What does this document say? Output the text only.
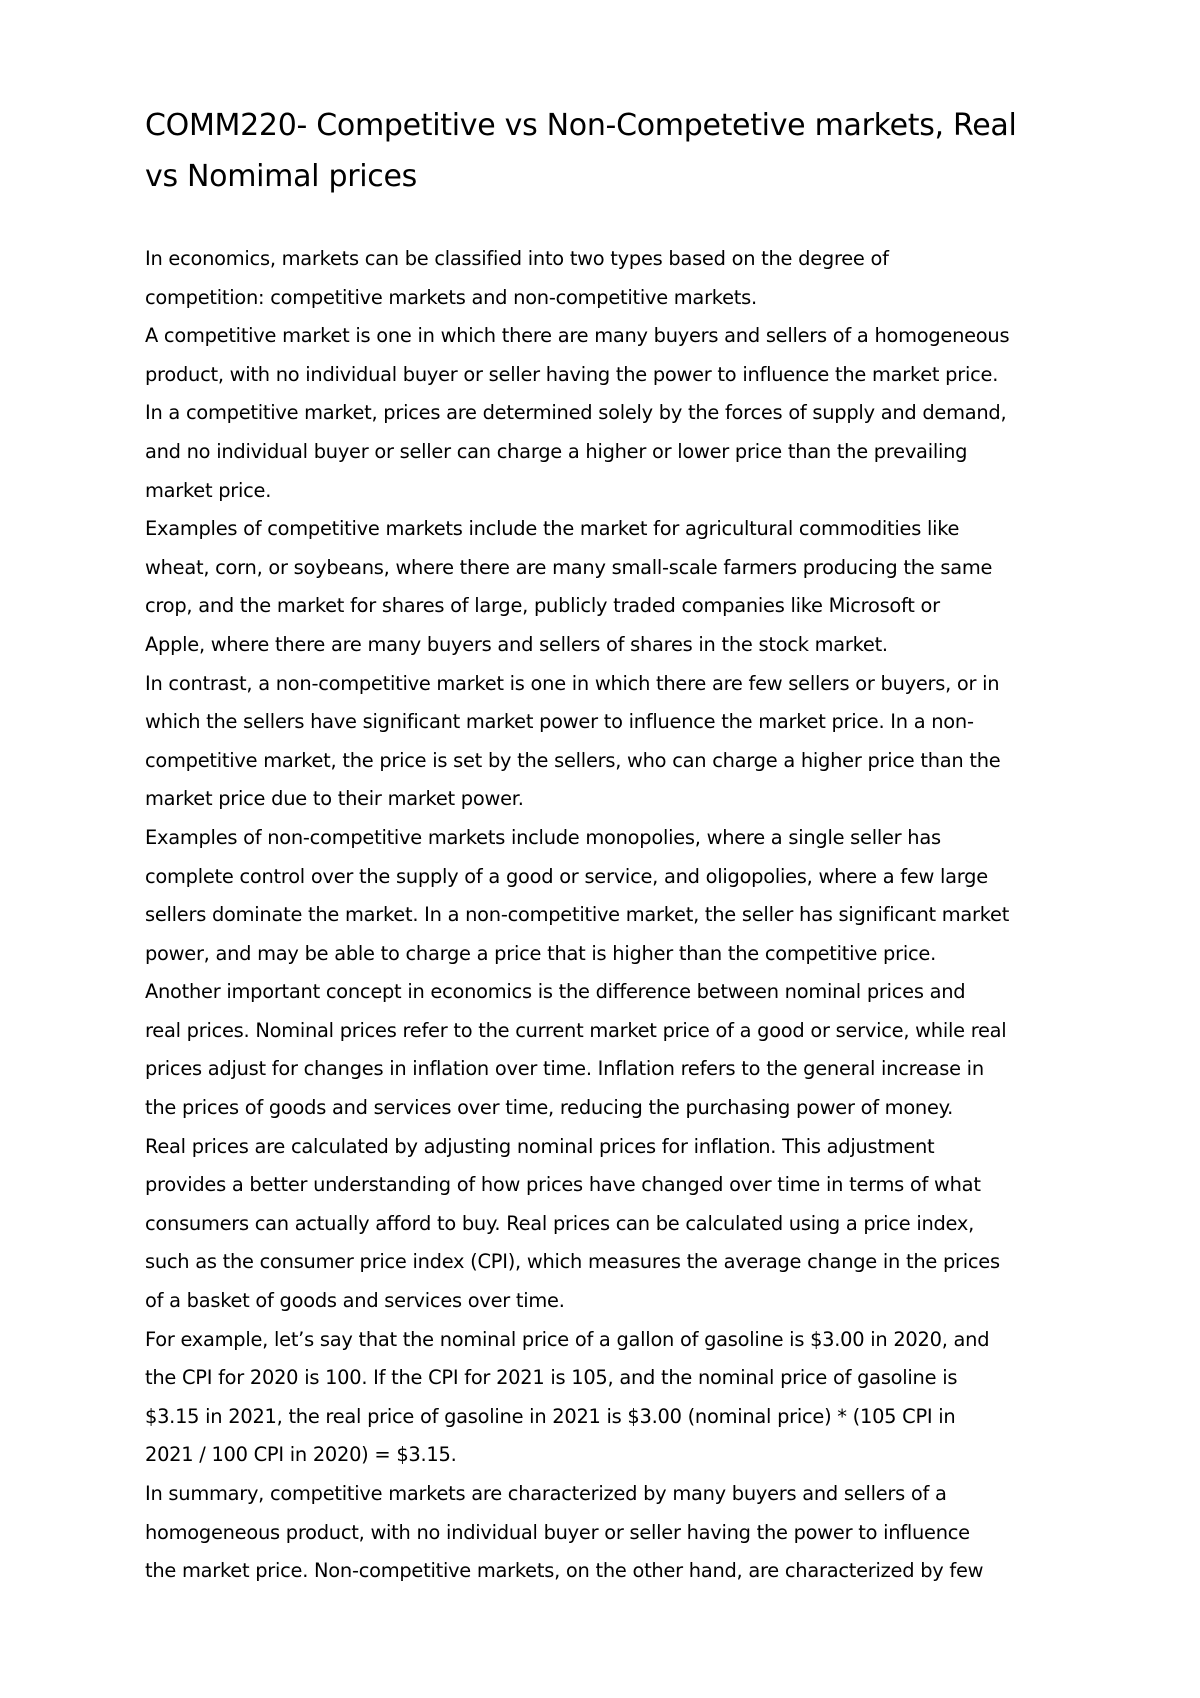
COMM220- Competitive vs Non-Competetive markets, Real
vs Nomimal prices

In economics, markets can be classified into two types based on the degree of
competition: competitive markets and non-competitive markets.

A competitive market is one in which there are many buyers and sellers of a homogeneous
product, with no individual buyer or seller having the power to influence the market price.
In a competitive market, prices are determined solely by the forces of supply and demand,
and no individual buyer or seller can charge a higher or lower price than the prevailing
market price.

Examples of competitive markets include the market for agricultural commodities like
wheat, corn, or soybeans, where there are many small-scale farmers producing the same
crop, and the market for shares of large, publicly traded companies like Microsoft or
Apple, where there are many buyers and sellers of shares in the stock market.

In contrast, a non-competitive market is one in which there are few sellers or buyers, or in
which the sellers have significant market power to influence the market price. In a non-
competitive market, the price is set by the sellers, who can charge a higher price than the
market price due to their market power.

Examples of non-competitive markets include monopolies, where a single seller has
complete control over the supply of a good or service, and oligopolies, where a few large
sellers dominate the market. In a non-competitive market, the seller has significant market
power, and may be able to charge a price that is higher than the competitive price.

Another important concept in economics is the difference between nominal prices and
real prices. Nominal prices refer to the current market price of a good or service, while real
prices adjust for changes in inflation over time. Inflation refers to the general increase in
the prices of goods and services over time, reducing the purchasing power of money.

Real prices are calculated by adjusting nominal prices for inflation. This adjustment
provides a better understanding of how prices have changed over time in terms of what
consumers can actually afford to buy. Real prices can be calculated using a price index,
such as the consumer price index (CPI), which measures the average change in the prices
of a basket of goods and services over time.

For example, let’s say that the nominal price of a gallon of gasoline is $3.00 in 2020, and
the CPI for 2020 is 100. If the CPI for 2021 is 105, and the nominal price of gasoline is
$3.15 in 2021, the real price of gasoline in 2021 is $3.00 (nominal price) * (105 CPI in
2021 / 100 CPI in 2020) = $3.15.

In summary, competitive markets are characterized by many buyers and sellers of a
homogeneous product, with no individual buyer or seller having the power to influence
the market price. Non-competitive markets, on the other hand, are characterized by few
